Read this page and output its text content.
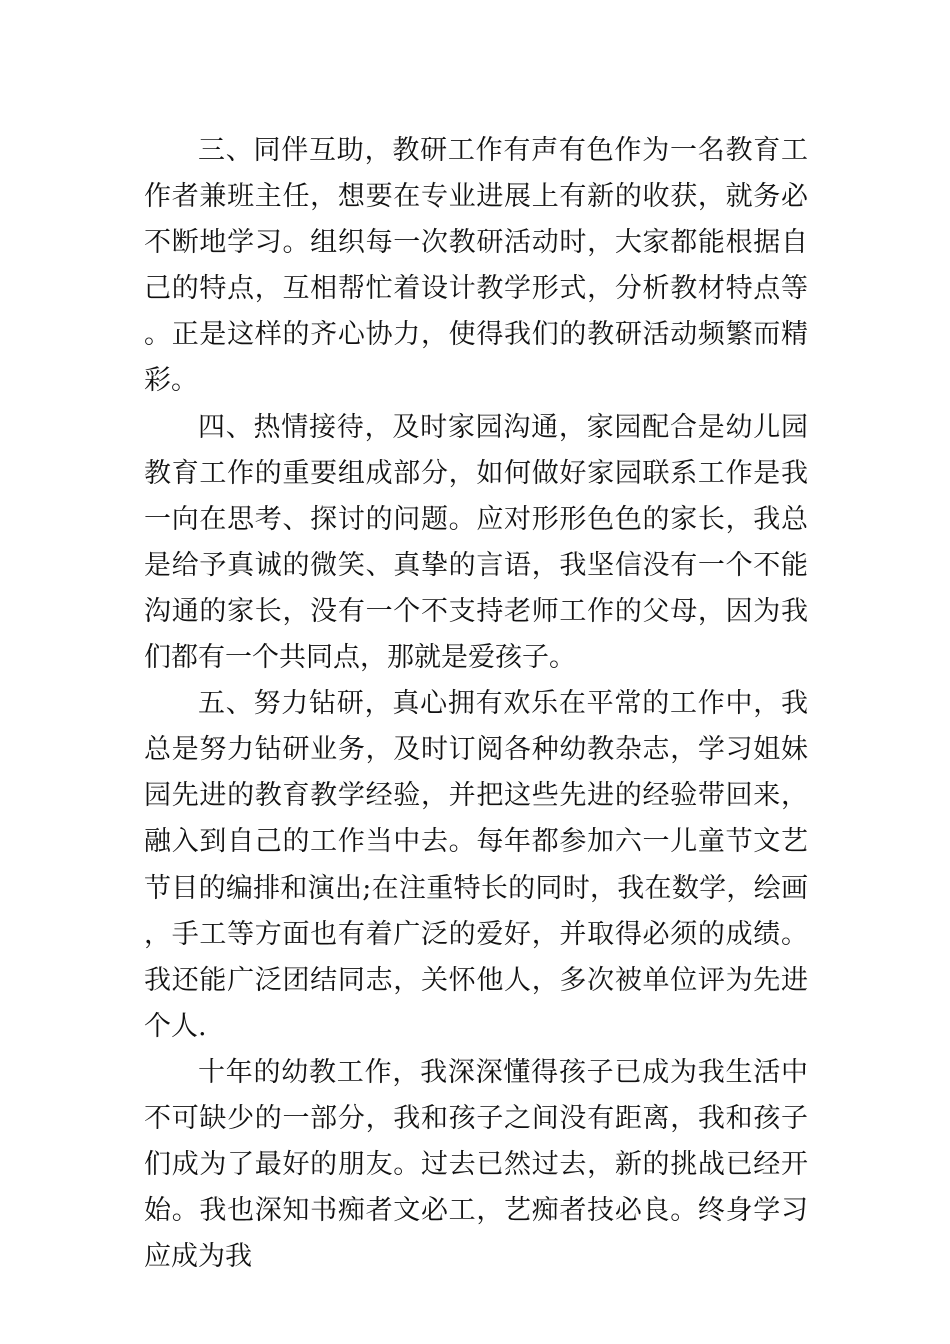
三、同伴互助，教研工作有声有色作为一名教育工作者兼班主任，想要在专业进展上有新的收获，就务必不断地学习。组织每一次教研活动时，大家都能根据自己的特点，互相帮忙着设计教学形式，分析教材特点等。正是这样的齐心协力，使得我们的教研活动频繁而精彩。

四、热情接待，及时家园沟通，家园配合是幼儿园教育工作的重要组成部分，如何做好家园联系工作是我一向在思考、探讨的问题。应对形形色色的家长，我总是给予真诚的微笑、真挚的言语，我坚信没有一个不能沟通的家长，没有一个不支持老师工作的父母，因为我们都有一个共同点，那就是爱孩子。

五、努力钻研，真心拥有欢乐在平常的工作中，我总是努力钻研业务，及时订阅各种幼教杂志，学习姐妹园先进的教育教学经验，并把这些先进的经验带回来，融入到自己的工作当中去。每年都参加六一儿童节文艺节目的编排和演出;在注重特长的同时，我在数学，绘画，手工等方面也有着广泛的爱好，并取得必须的成绩。我还能广泛团结同志，关怀他人，多次被单位评为先进个人.

十年的幼教工作，我深深懂得孩子已成为我生活中不可缺少的一部分，我和孩子之间没有距离，我和孩子们成为了最好的朋友。过去已然过去，新的挑战已经开始。我也深知书痴者文必工，艺痴者技必良。终身学习应成为我
